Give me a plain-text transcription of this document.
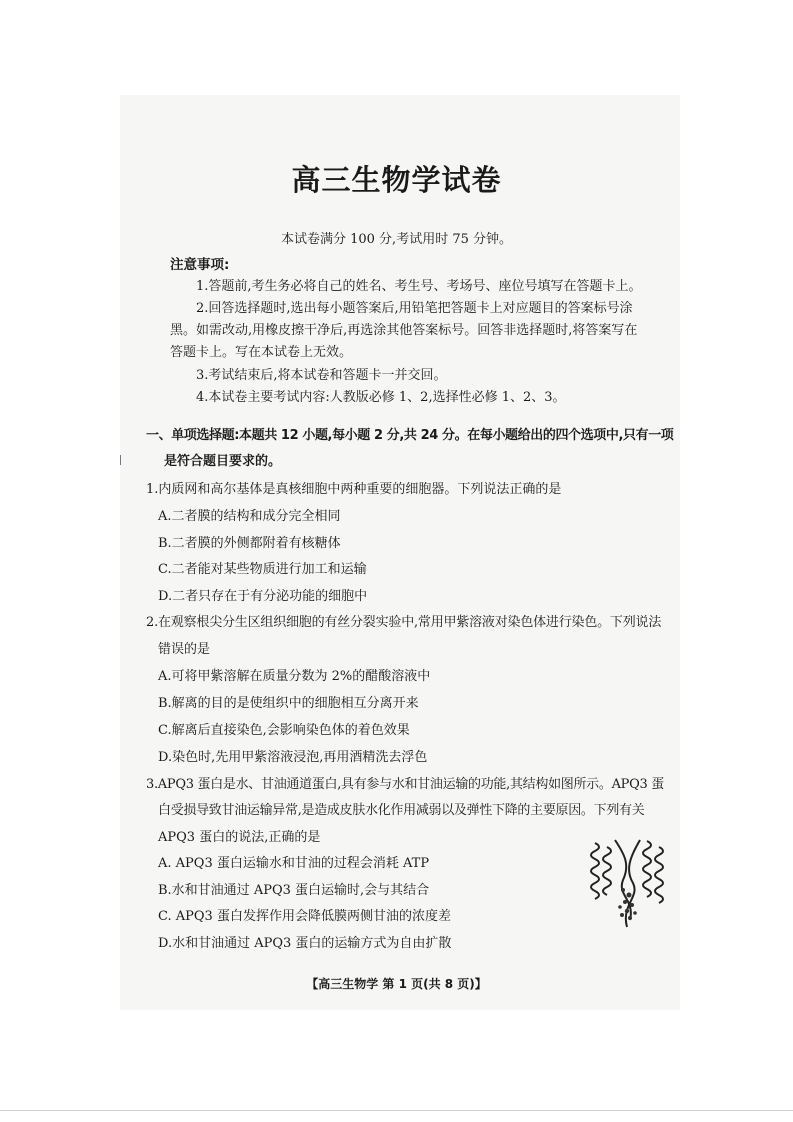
高三生物学试卷
本试卷满分 100 分,考试用时 75 分钟。
注意事项:
1.答题前,考生务必将自己的姓名、考生号、考场号、座位号填写在答题卡上。
2.回答选择题时,选出每小题答案后,用铅笔把答题卡上对应题目的答案标号涂
黑。如需改动,用橡皮擦干净后,再选涂其他答案标号。回答非选择题时,将答案写在
答题卡上。写在本试卷上无效。
3.考试结束后,将本试卷和答题卡一并交回。
4.本试卷主要考试内容:人教版必修 1、2,选择性必修 1、2、3。
一、单项选择题:本题共 12 小题,每小题 2 分,共 24 分。在每小题给出的四个选项中,只有一项
是符合题目要求的。
1.内质网和高尔基体是真核细胞中两种重要的细胞器。下列说法正确的是
A.二者膜的结构和成分完全相同
B.二者膜的外侧都附着有核糖体
C.二者能对某些物质进行加工和运输
D.二者只存在于有分泌功能的细胞中
2.在观察根尖分生区组织细胞的有丝分裂实验中,常用甲紫溶液对染色体进行染色。下列说法
错误的是
A.可将甲紫溶解在质量分数为 2%的醋酸溶液中
B.解离的目的是使组织中的细胞相互分离开来
C.解离后直接染色,会影响染色体的着色效果
D.染色时,先用甲紫溶液浸泡,再用酒精洗去浮色
3.APQ3 蛋白是水、甘油通道蛋白,具有参与水和甘油运输的功能,其结构如图所示。APQ3 蛋
白受损导致甘油运输异常,是造成皮肤水化作用减弱以及弹性下降的主要原因。下列有关
APQ3 蛋白的说法,正确的是
A. APQ3 蛋白运输水和甘油的过程会消耗 ATP
B.水和甘油通过 APQ3 蛋白运输时,会与其结合
C. APQ3 蛋白发挥作用会降低膜两侧甘油的浓度差
D.水和甘油通过 APQ3 蛋白的运输方式为自由扩散
【高三生物学 第 1 页(共 8 页)】
